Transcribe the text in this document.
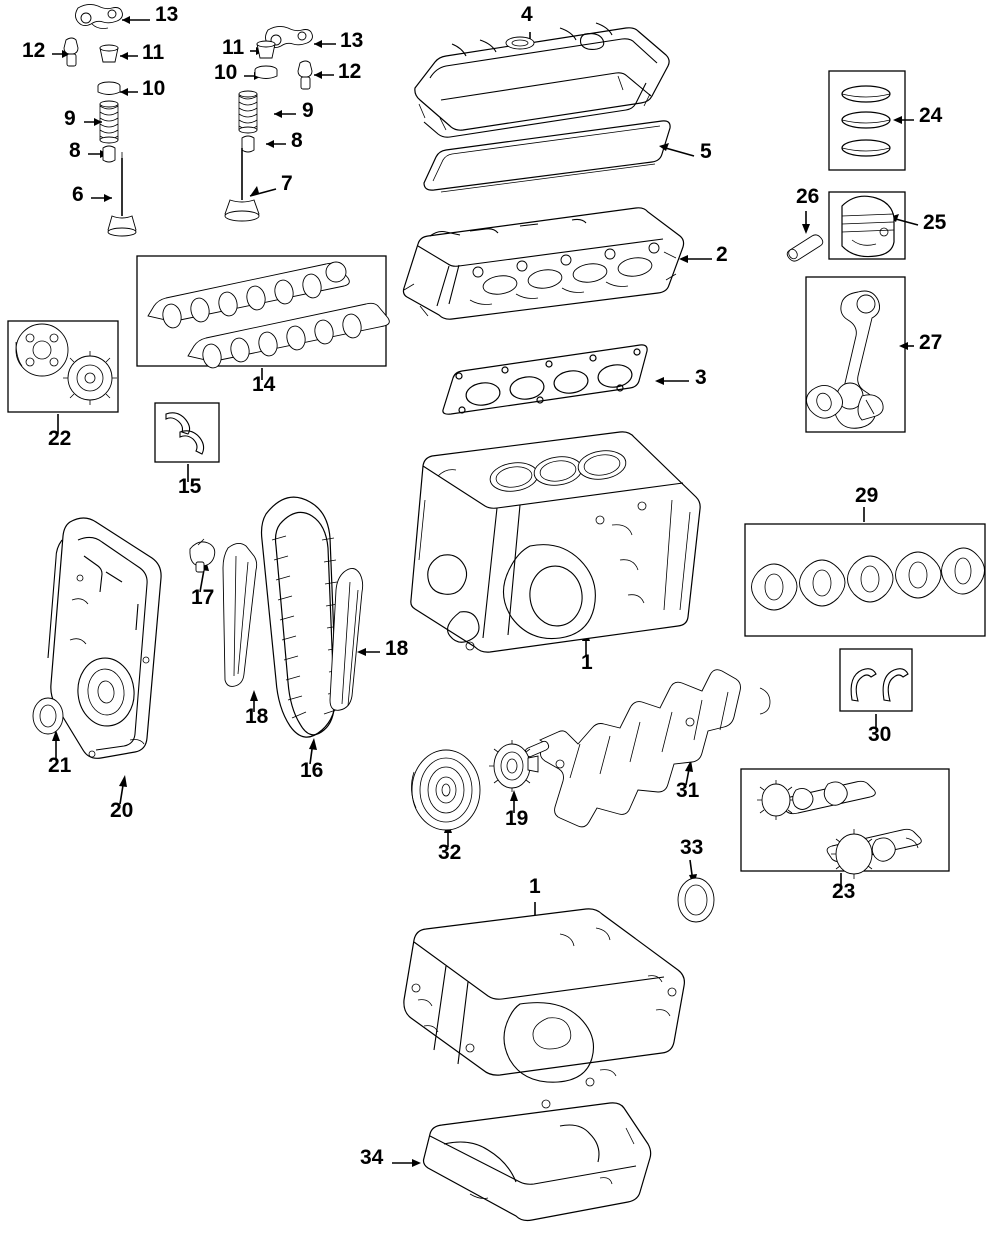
13
12	11	11	13
10
10	12
9	9
8	8
6	7
4
5
2
3
24
26
25
27
14
22
15
17
1
29
30
18
18
16
21
20
32
19
31
33
23
1
34
